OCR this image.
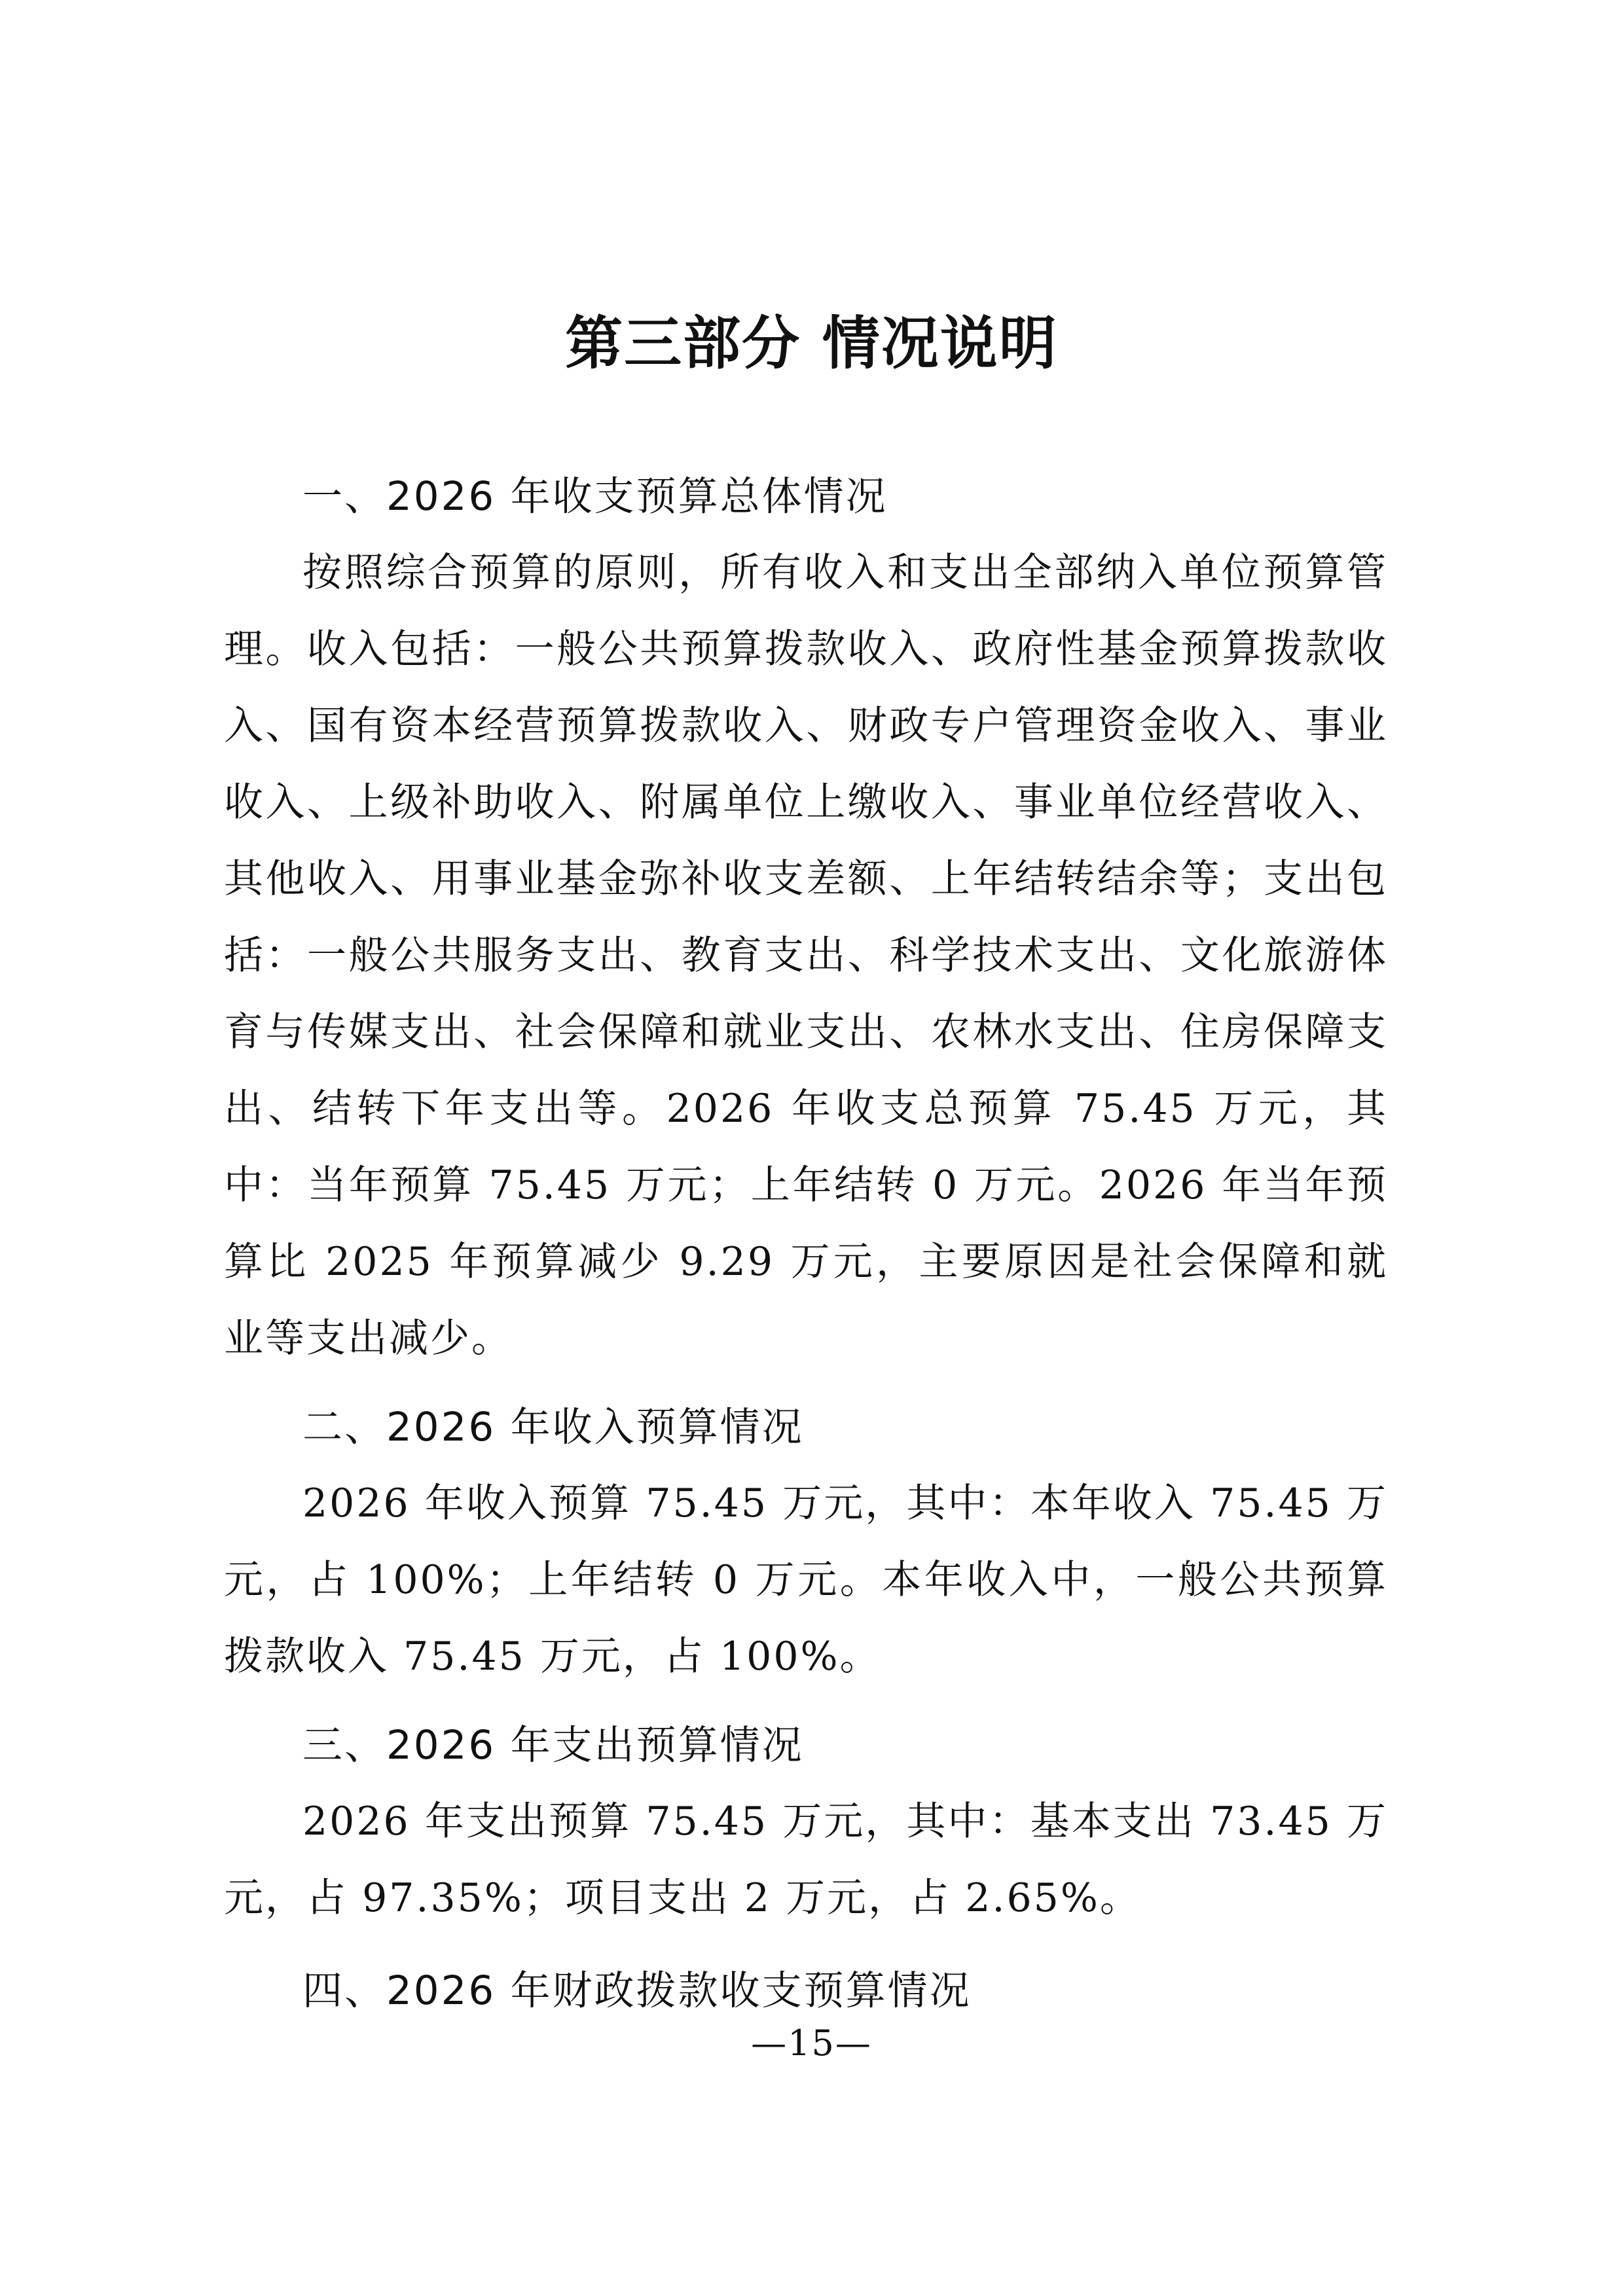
第三部分 情况说明
一、2026 年收支预算总体情况

按照综合预算的原则，所有收入和支出全部纳入单位预算管理。收入包括：一般公共预算拨款收入、政府性基金预算拨款收入、国有资本经营预算拨款收入、财政专户管理资金收入、事业收入、上级补助收入、附属单位上缴收入、事业单位经营收入、其他收入、用事业基金弥补收支差额、上年结转结余等；支出包括：一般公共服务支出、教育支出、科学技术支出、文化旅游体育与传媒支出、社会保障和就业支出、农林水支出、住房保障支出、结转下年支出等。2026 年收支总预算 75.45 万元，其中：当年预算 75.45 万元；上年结转 0 万元。2026 年当年预算比 2025 年预算减少 9.29 万元，主要原因是社会保障和就业等支出减少。

二、2026 年收入预算情况

2026 年收入预算 75.45 万元，其中：本年收入 75.45 万元，占 100%；上年结转 0 万元。本年收入中，一般公共预算拨款收入 75.45 万元，占 100%。

三、2026 年支出预算情况

2026 年支出预算 75.45 万元，其中：基本支出 73.45 万元，占 97.35%；项目支出 2 万元，占 2.65%。

四、2026 年财政拨款收支预算情况
—15—
